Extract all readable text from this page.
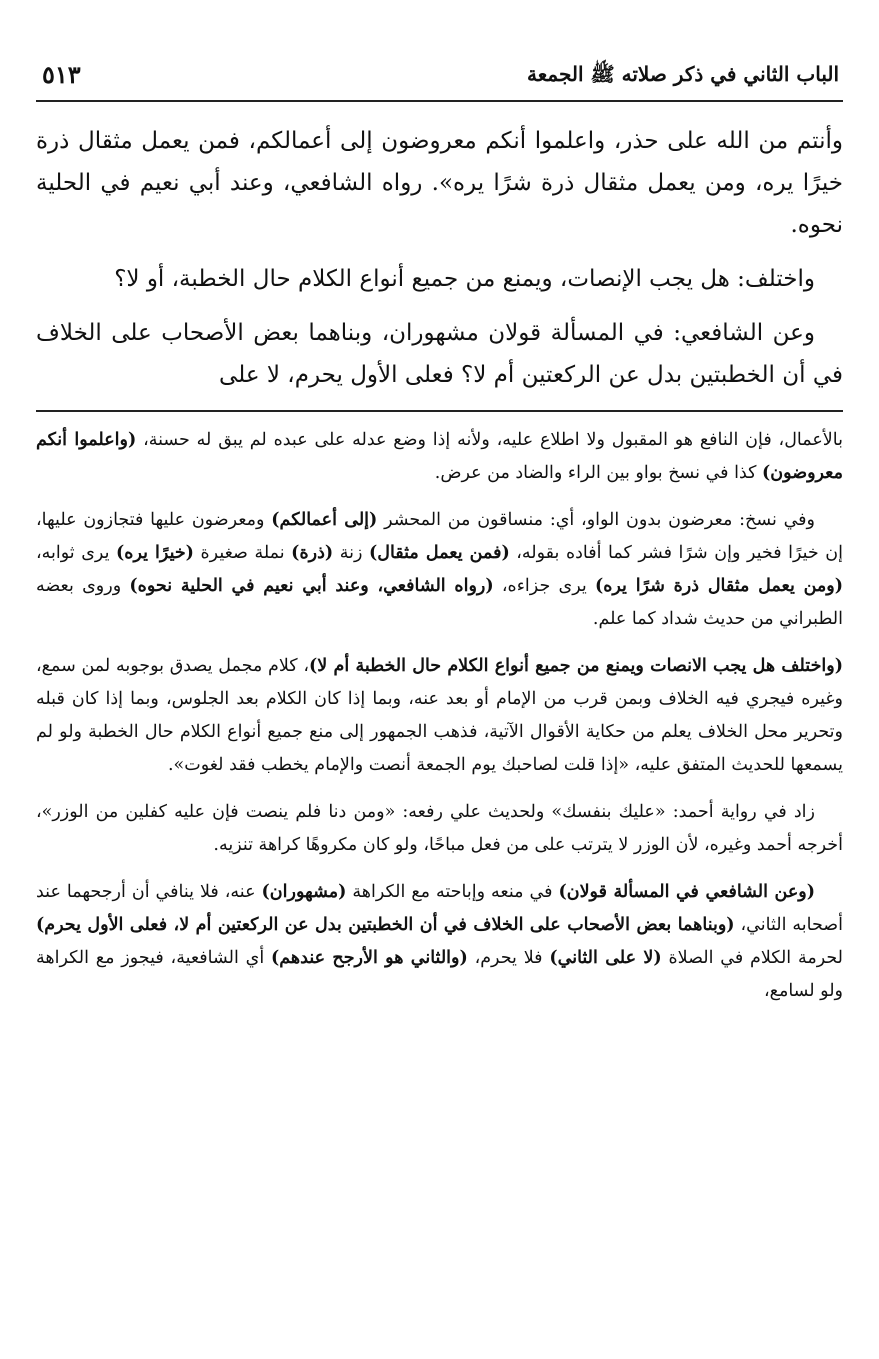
الباب الثاني في ذكر صلاته ﷺ الجمعة
٥١٣

وأنتم من الله على حذر، واعلموا أنكم معروضون إلى أعمالكم، فمن يعمل مثقال ذرة خيرًا يره، ومن يعمل مثقال ذرة شرًا يره». رواه الشافعي، وعند أبي نعيم في الحلية نحوه.

واختلف: هل يجب الإنصات، ويمنع من جميع أنواع الكلام حال الخطبة، أو لا؟

وعن الشافعي: في المسألة قولان مشهوران، وبناهما بعض الأصحاب على الخلاف في أن الخطبتين بدل عن الركعتين أم لا؟ فعلى الأول يحرم، لا على

بالأعمال، فإن النافع هو المقبول ولا اطلاع عليه، ولأنه إذا وضع عدله على عبده لم يبق له حسنة، (واعلموا أنكم معروضون) كذا في نسخ بواو بين الراء والضاد من عرض.

وفي نسخ: معرضون بدون الواو، أي: منساقون من المحشر (إلى أعمالكم) ومعرضون عليها فتجازون عليها، إن خيرًا فخير وإن شرًا فشر كما أفاده بقوله، (فمن يعمل مثقال) زنة (ذرة) نملة صغيرة (خيرًا يره) يرى ثوابه، (ومن يعمل مثقال ذرة شرًا يره) يرى جزاءه، (رواه الشافعي، وعند أبي نعيم في الحلية نحوه) وروى بعضه الطبراني من حديث شداد كما علم.

(واختلف هل يجب الانصات ويمنع من جميع أنواع الكلام حال الخطبة أم لا)، كلام مجمل يصدق بوجوبه لمن سمع، وغيره فيجري فيه الخلاف وبمن قرب من الإمام أو بعد عنه، وبما إذا كان الكلام بعد الجلوس، وبما إذا كان قبله وتحرير محل الخلاف يعلم من حكاية الأقوال الآتية، فذهب الجمهور إلى منع جميع أنواع الكلام حال الخطبة ولو لم يسمعها للحديث المتفق عليه، «إذا قلت لصاحبك يوم الجمعة أنصت والإمام يخطب فقد لغوت».

زاد في رواية أحمد: «عليك بنفسك» ولحديث علي رفعه: «ومن دنا فلم ينصت فإن عليه كفلين من الوزر»، أخرجه أحمد وغيره، لأن الوزر لا يترتب على من فعل مباحًا، ولو كان مكروهًا كراهة تنزيه.

(وعن الشافعي في المسألة قولان) في منعه وإباحته مع الكراهة (مشهوران) عنه، فلا ينافي أن أرجحهما عند أصحابه الثاني، (وبناهما بعض الأصحاب على الخلاف في أن الخطبتين بدل عن الركعتين أم لا، فعلى الأول يحرم) لحرمة الكلام في الصلاة (لا على الثاني) فلا يحرم، (والثاني هو الأرجح عندهم) أي الشافعية، فيجوز مع الكراهة ولو لسامع،
